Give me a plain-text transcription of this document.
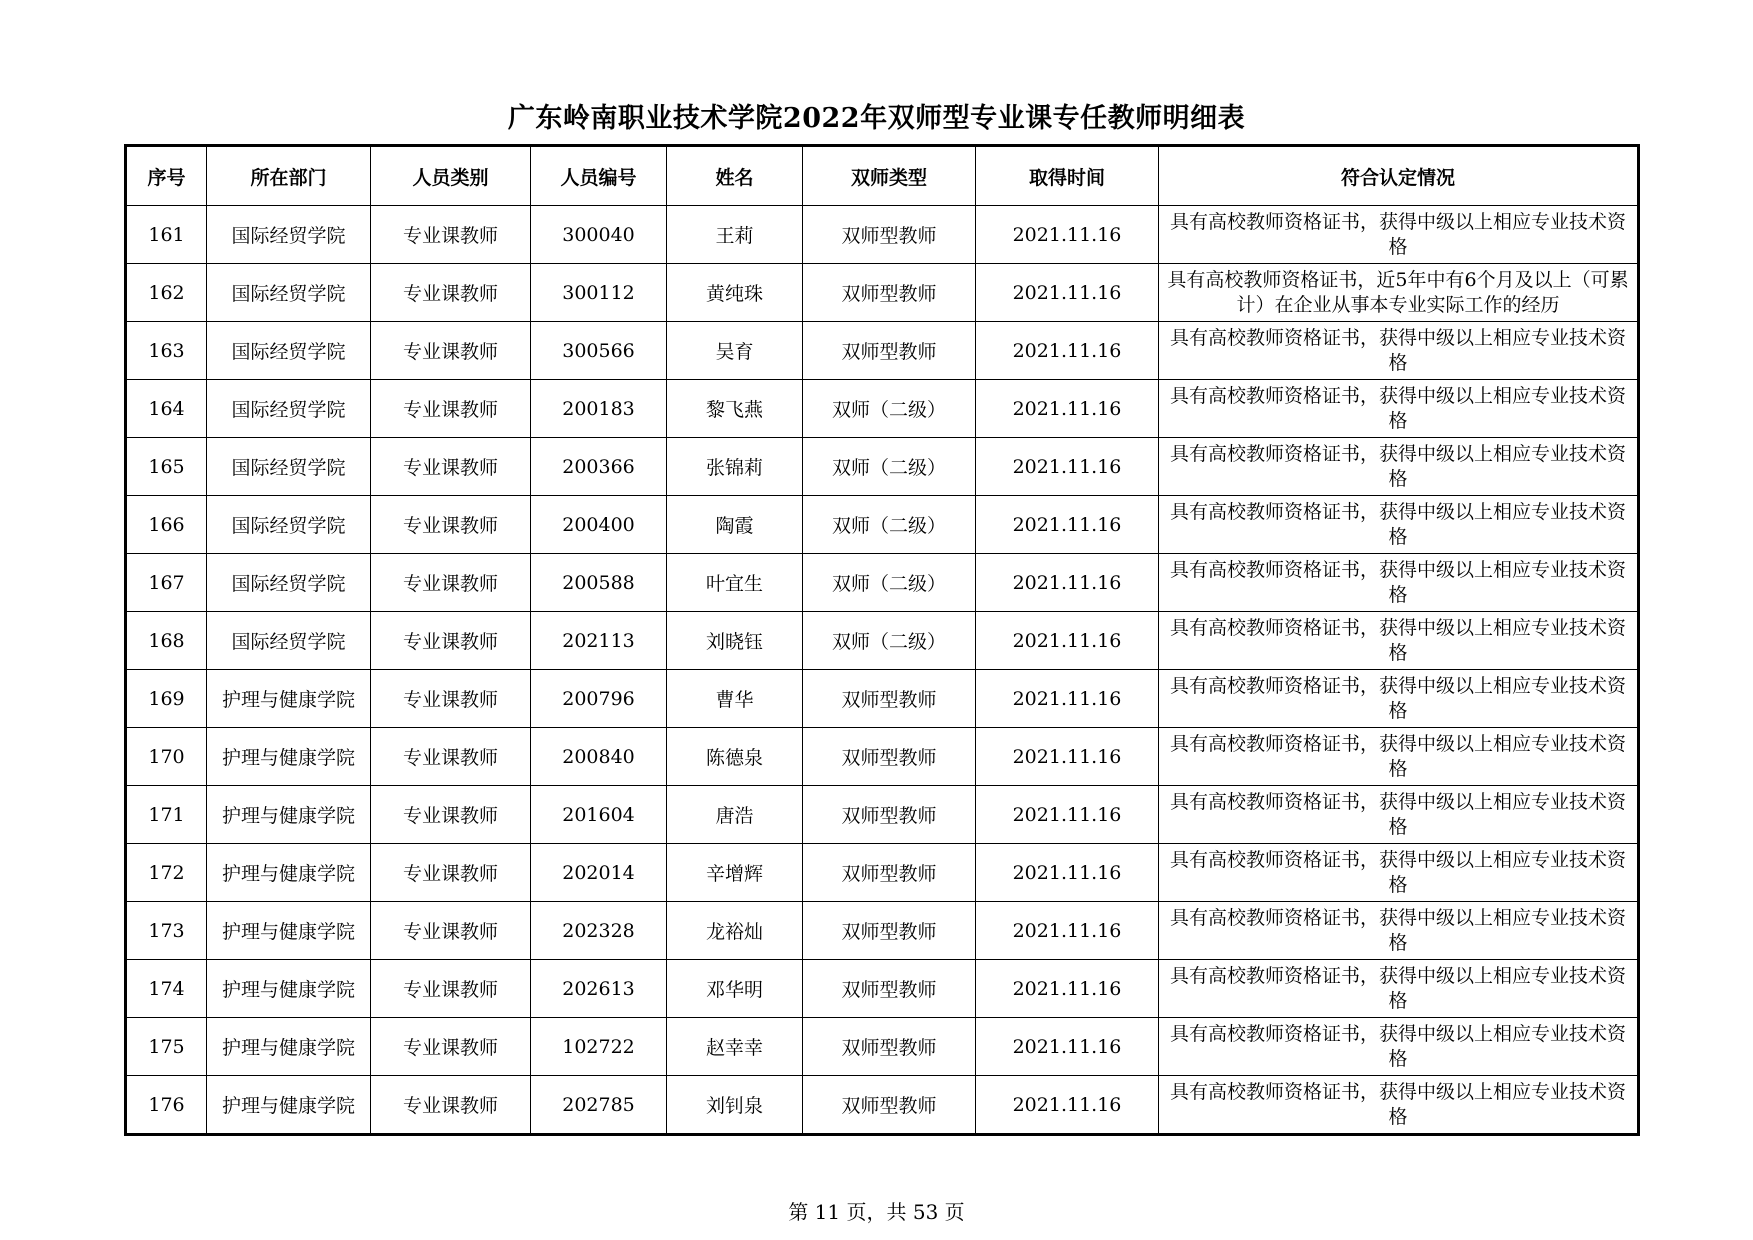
广东岭南职业技术学院2022年双师型专业课专任教师明细表
序号	所在部门	人员类别	人员编号	姓名	双师类型	取得时间	符合认定情况
161	国际经贸学院	专业课教师	300040	王莉	双师型教师	2021.11.16	具有高校教师资格证书，获得中级以上相应专业技术资格
162	国际经贸学院	专业课教师	300112	黄纯珠	双师型教师	2021.11.16	具有高校教师资格证书，近5年中有6个月及以上（可累计）在企业从事本专业实际工作的经历
163	国际经贸学院	专业课教师	300566	吴育	双师型教师	2021.11.16	具有高校教师资格证书，获得中级以上相应专业技术资格
164	国际经贸学院	专业课教师	200183	黎飞燕	双师（二级）	2021.11.16	具有高校教师资格证书，获得中级以上相应专业技术资格
165	国际经贸学院	专业课教师	200366	张锦莉	双师（二级）	2021.11.16	具有高校教师资格证书，获得中级以上相应专业技术资格
166	国际经贸学院	专业课教师	200400	陶霞	双师（二级）	2021.11.16	具有高校教师资格证书，获得中级以上相应专业技术资格
167	国际经贸学院	专业课教师	200588	叶宜生	双师（二级）	2021.11.16	具有高校教师资格证书，获得中级以上相应专业技术资格
168	国际经贸学院	专业课教师	202113	刘晓钰	双师（二级）	2021.11.16	具有高校教师资格证书，获得中级以上相应专业技术资格
169	护理与健康学院	专业课教师	200796	曹华	双师型教师	2021.11.16	具有高校教师资格证书，获得中级以上相应专业技术资格
170	护理与健康学院	专业课教师	200840	陈德泉	双师型教师	2021.11.16	具有高校教师资格证书，获得中级以上相应专业技术资格
171	护理与健康学院	专业课教师	201604	唐浩	双师型教师	2021.11.16	具有高校教师资格证书，获得中级以上相应专业技术资格
172	护理与健康学院	专业课教师	202014	辛增辉	双师型教师	2021.11.16	具有高校教师资格证书，获得中级以上相应专业技术资格
173	护理与健康学院	专业课教师	202328	龙裕灿	双师型教师	2021.11.16	具有高校教师资格证书，获得中级以上相应专业技术资格
174	护理与健康学院	专业课教师	202613	邓华明	双师型教师	2021.11.16	具有高校教师资格证书，获得中级以上相应专业技术资格
175	护理与健康学院	专业课教师	102722	赵幸幸	双师型教师	2021.11.16	具有高校教师资格证书，获得中级以上相应专业技术资格
176	护理与健康学院	专业课教师	202785	刘钊泉	双师型教师	2021.11.16	具有高校教师资格证书，获得中级以上相应专业技术资格
第 11 页，共 53 页
